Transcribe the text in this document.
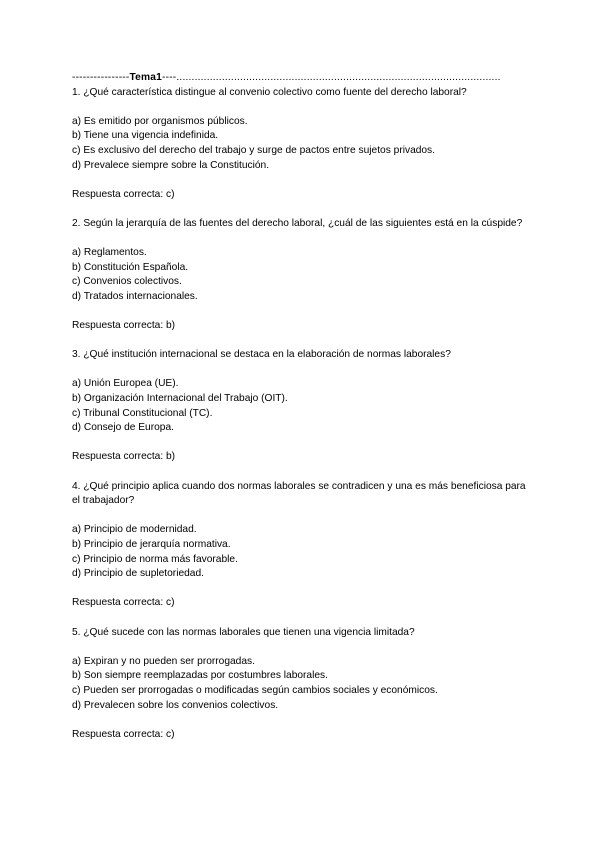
----------------Tema1----...........................................................................................................
1. ¿Qué característica distingue al convenio colectivo como fuente del derecho laboral?
a) Es emitido por organismos públicos.
b) Tiene una vigencia indefinida.
c) Es exclusivo del derecho del trabajo y surge de pactos entre sujetos privados.
d) Prevalece siempre sobre la Constitución.
Respuesta correcta: c)
2. Según la jerarquía de las fuentes del derecho laboral, ¿cuál de las siguientes está en la cúspide?
a) Reglamentos.
b) Constitución Española.
c) Convenios colectivos.
d) Tratados internacionales.
Respuesta correcta: b)
3. ¿Qué institución internacional se destaca en la elaboración de normas laborales?
a) Unión Europea (UE).
b) Organización Internacional del Trabajo (OIT).
c) Tribunal Constitucional (TC).
d) Consejo de Europa.
Respuesta correcta: b)
4. ¿Qué principio aplica cuando dos normas laborales se contradicen y una es más beneficiosa para el trabajador?
a) Principio de modernidad.
b) Principio de jerarquía normativa.
c) Principio de norma más favorable.
d) Principio de supletoriedad.
Respuesta correcta: c)
5. ¿Qué sucede con las normas laborales que tienen una vigencia limitada?
a) Expiran y no pueden ser prorrogadas.
b) Son siempre reemplazadas por costumbres laborales.
c) Pueden ser prorrogadas o modificadas según cambios sociales y económicos.
d) Prevalecen sobre los convenios colectivos.
Respuesta correcta: c)
